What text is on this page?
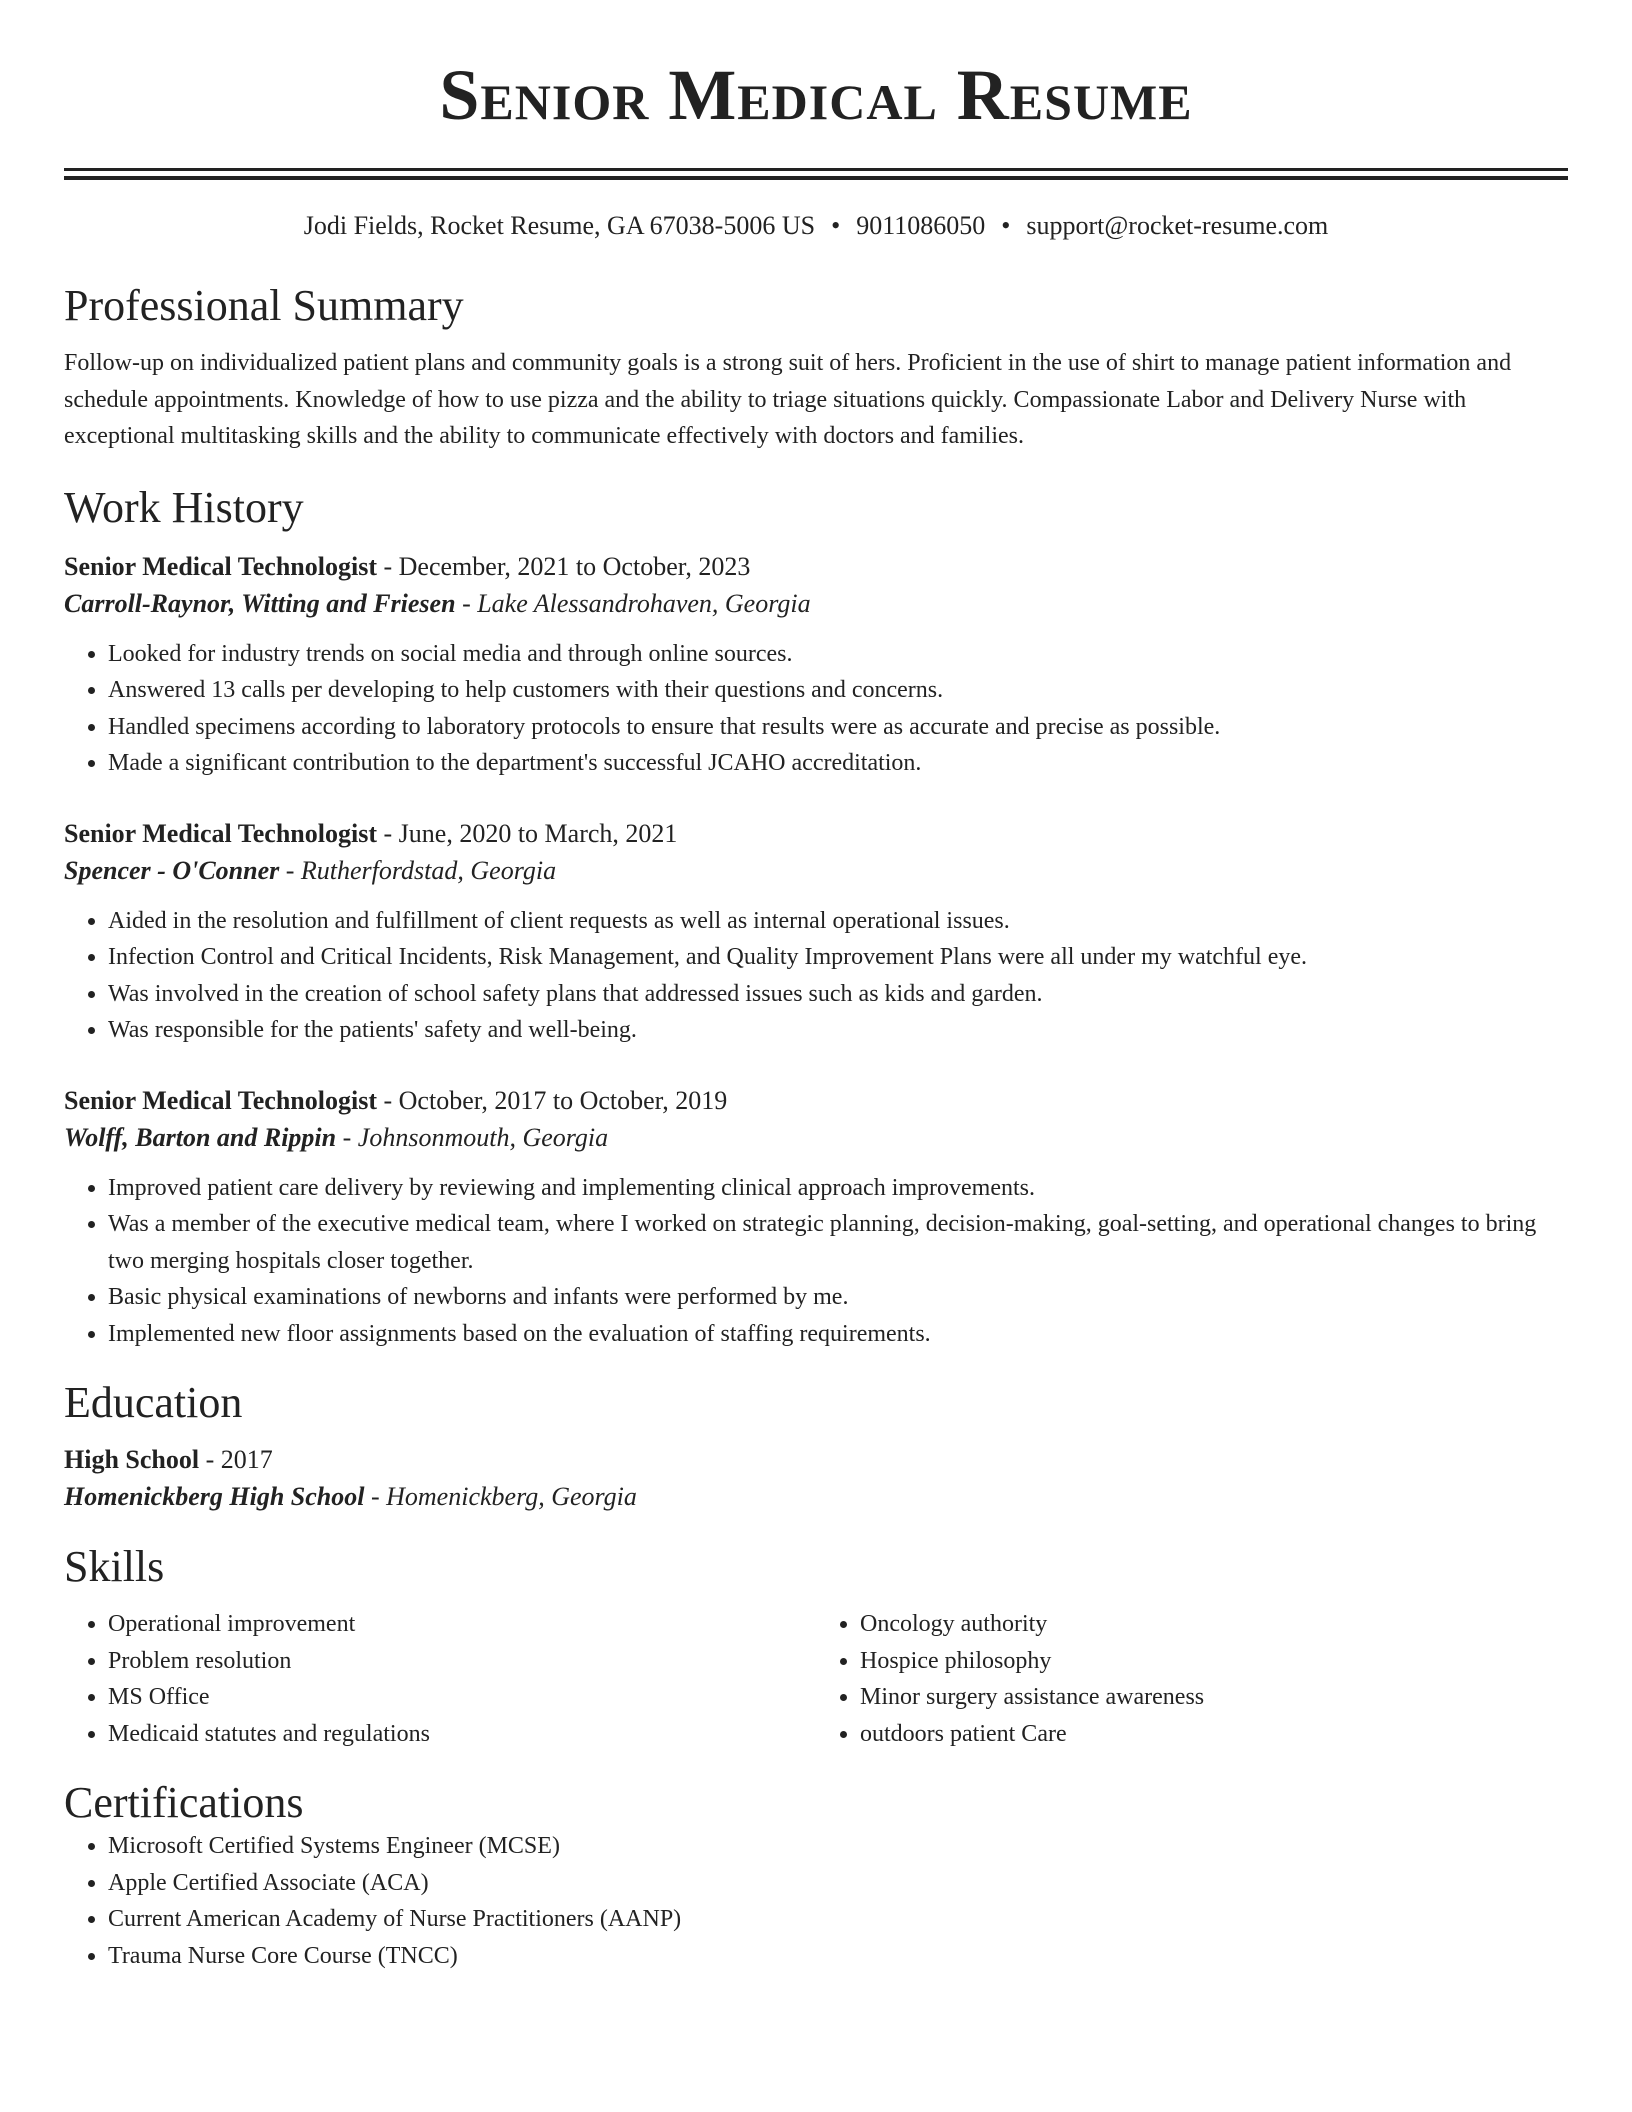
Senior Medical Resume
Jodi Fields, Rocket Resume, GA 67038-5006 US • 9011086050 • support@rocket-resume.com
Professional Summary

Follow-up on individualized patient plans and community goals is a strong suit of hers. Proficient in the use of shirt to manage patient information and schedule appointments. Knowledge of how to use pizza and the ability to triage situations quickly. Compassionate Labor and Delivery Nurse with exceptional multitasking skills and the ability to communicate effectively with doctors and families.

Work History
Senior Medical Technologist - December, 2021 to October, 2023
Carroll-Raynor, Witting and Friesen - Lake Alessandrohaven, Georgia
• Looked for industry trends on social media and through online sources.
• Answered 13 calls per developing to help customers with their questions and concerns.
• Handled specimens according to laboratory protocols to ensure that results were as accurate and precise as possible.
• Made a significant contribution to the department's successful JCAHO accreditation.
Senior Medical Technologist - June, 2020 to March, 2021
Spencer - O'Conner - Rutherfordstad, Georgia
• Aided in the resolution and fulfillment of client requests as well as internal operational issues.
• Infection Control and Critical Incidents, Risk Management, and Quality Improvement Plans were all under my watchful eye.
• Was involved in the creation of school safety plans that addressed issues such as kids and garden.
• Was responsible for the patients' safety and well-being.
Senior Medical Technologist - October, 2017 to October, 2019
Wolff, Barton and Rippin - Johnsonmouth, Georgia
• Improved patient care delivery by reviewing and implementing clinical approach improvements.
• Was a member of the executive medical team, where I worked on strategic planning, decision-making, goal-setting, and operational changes to bring two merging hospitals closer together.
• Basic physical examinations of newborns and infants were performed by me.
• Implemented new floor assignments based on the evaluation of staffing requirements.
Education
High School - 2017
Homenickberg High School - Homenickberg, Georgia
Skills
• Operational improvement
• Problem resolution
• MS Office
• Medicaid statutes and regulations
• Oncology authority
• Hospice philosophy
• Minor surgery assistance awareness
• outdoors patient Care
Certifications
• Microsoft Certified Systems Engineer (MCSE)
• Apple Certified Associate (ACA)
• Current American Academy of Nurse Practitioners (AANP)
• Trauma Nurse Core Course (TNCC)
